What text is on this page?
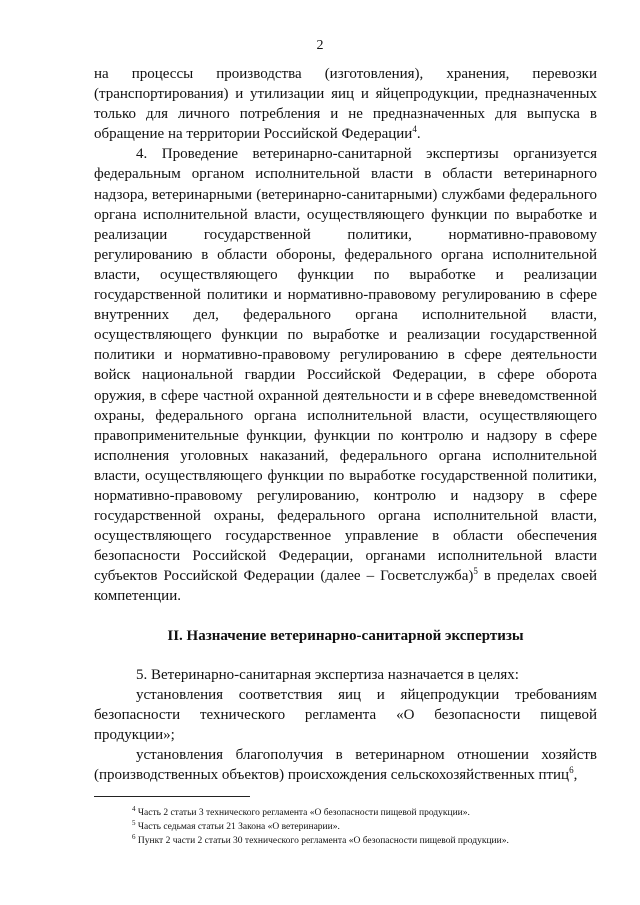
2

на процессы производства (изготовления), хранения, перевозки (транспортирования) и утилизации яиц и яйцепродукции, предназначенных только для личного потребления и не предназначенных для выпуска в обращение на территории Российской Федерации$^4$.

4. Проведение ветеринарно-санитарной экспертизы организуется федеральным органом исполнительной власти в области ветеринарного надзора, ветеринарными (ветеринарно-санитарными) службами федерального органа исполнительной власти, осуществляющего функции по выработке и реализации государственной политики, нормативно-правовому регулированию в области обороны, федерального органа исполнительной власти, осуществляющего функции по выработке и реализации государственной политики и нормативно-правовому регулированию в сфере внутренних дел, федерального органа исполнительной власти, осуществляющего функции по выработке и реализации государственной политики и нормативно-правовому регулированию в сфере деятельности войск национальной гвардии Российской Федерации, в сфере оборота оружия, в сфере частной охранной деятельности и в сфере вневедомственной охраны, федерального органа исполнительной власти, осуществляющего правоприменительные функции, функции по контролю и надзору в сфере исполнения уголовных наказаний, федерального органа исполнительной власти, осуществляющего функции по выработке государственной политики, нормативно-правовому регулированию, контролю и надзору в сфере государственной охраны, федерального органа исполнительной власти, осуществляющего государственное управление в области обеспечения безопасности Российской Федерации, органами исполнительной власти субъектов Российской Федерации (далее – Госветслужба)$^5$ в пределах своей компетенции.

II. Назначение ветеринарно-санитарной экспертизы

5. Ветеринарно-санитарная экспертиза назначается в целях:

установления соответствия яиц и яйцепродукции требованиям безопасности технического регламента «О безопасности пищевой продукции»;

установления благополучия в ветеринарном отношении хозяйств (производственных объектов) происхождения сельскохозяйственных птиц$^6$,

$^4$ Часть 2 статьи 3 технического регламента «О безопасности пищевой продукции».

$^5$ Часть седьмая статьи 21 Закона «О ветеринарии».

$^6$ Пункт 2 части 2 статьи 30 технического регламента «О безопасности пищевой продукции».
